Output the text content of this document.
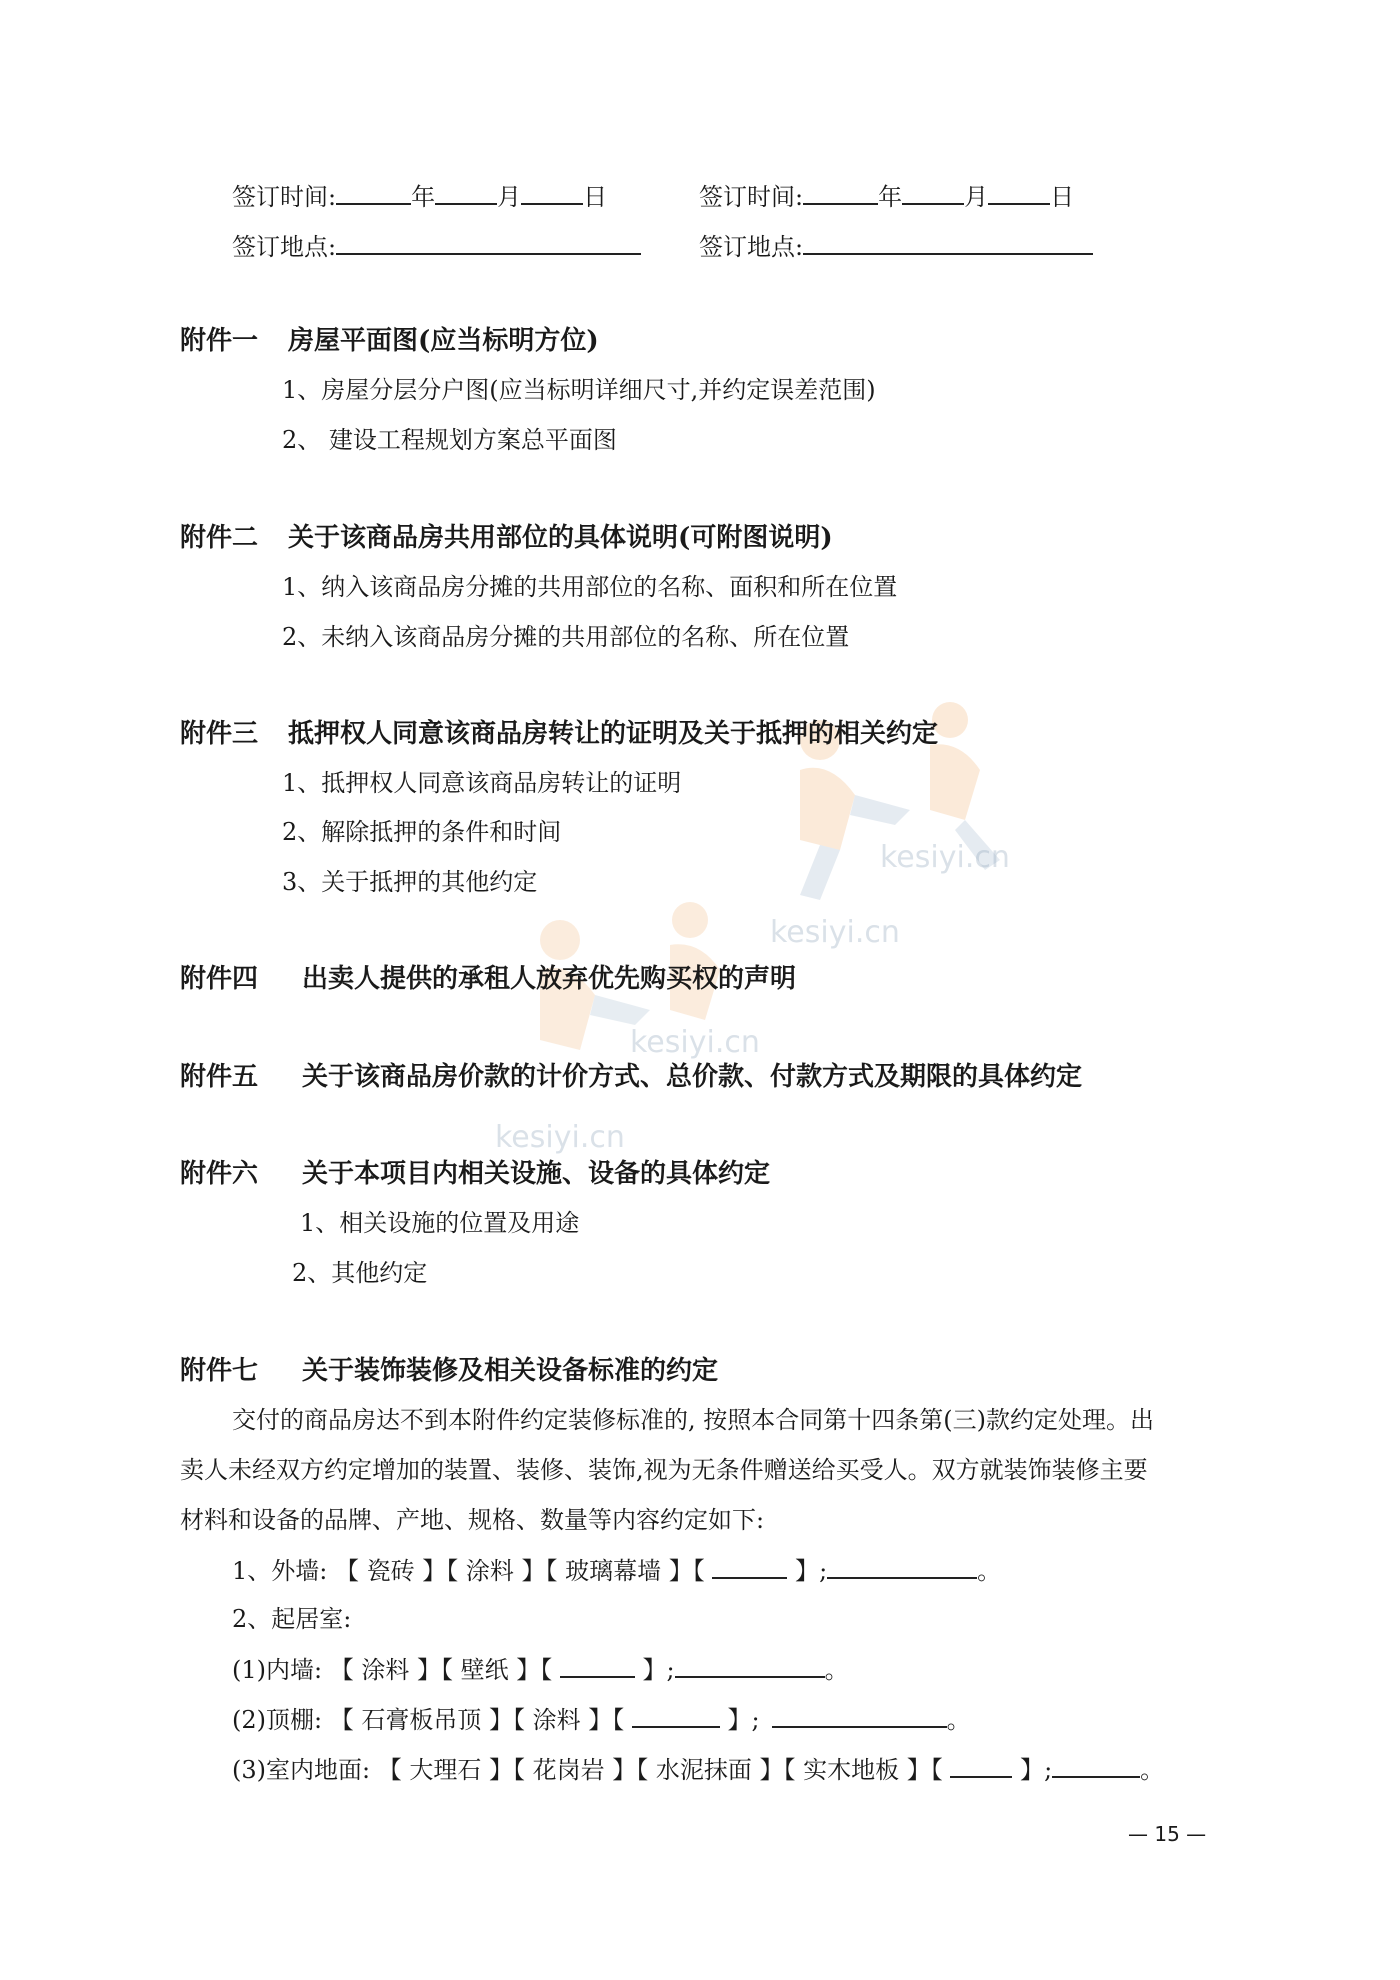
kesiyi.cn
kesiyi.cn
kesiyi.cn
kesiyi.cn
签订时间:	年	月	日	签订时间:	年	月	日
签订地点:	签订地点:
附件一 房屋平面图(应当标明方位)
1、房屋分层分户图(应当标明详细尺寸,并约定误差范围)
2、 建设工程规划方案总平面图
附件二 关于该商品房共用部位的具体说明(可附图说明)
1、纳入该商品房分摊的共用部位的名称、面积和所在位置
2、未纳入该商品房分摊的共用部位的名称、所在位置
附件三 抵押权人同意该商品房转让的证明及关于抵押的相关约定
1、抵押权人同意该商品房转让的证明
2、解除抵押的条件和时间
3、关于抵押的其他约定
附件四 出卖人提供的承租人放弃优先购买权的声明
附件五 关于该商品房价款的计价方式、总价款、付款方式及期限的具体约定
附件六 关于本项目内相关设施、设备的具体约定
1、相关设施的位置及用途
2、其他约定
附件七 关于装饰装修及相关设备标准的约定
交付的商品房达不到本附件约定装修标准的, 按照本合同第十四条第(三)款约定处理。出
卖人未经双方约定增加的装置、装修、装饰,视为无条件赠送给买受人。双方就装饰装修主要
材料和设备的品牌、产地、规格、数量等内容约定如下:
1、外墙: 【 瓷砖 】【 涂料 】【 玻璃幕墙 】【	】;	。
2、起居室:
(1)内墙: 【 涂料 】【 壁纸 】【	】;	。
(2)顶棚: 【 石膏板吊顶 】【 涂料 】【	】;	。
(3)室内地面: 【 大理石 】【 花岗岩 】【 水泥抹面 】【 实木地板 】【	】;	。
— 15 —
